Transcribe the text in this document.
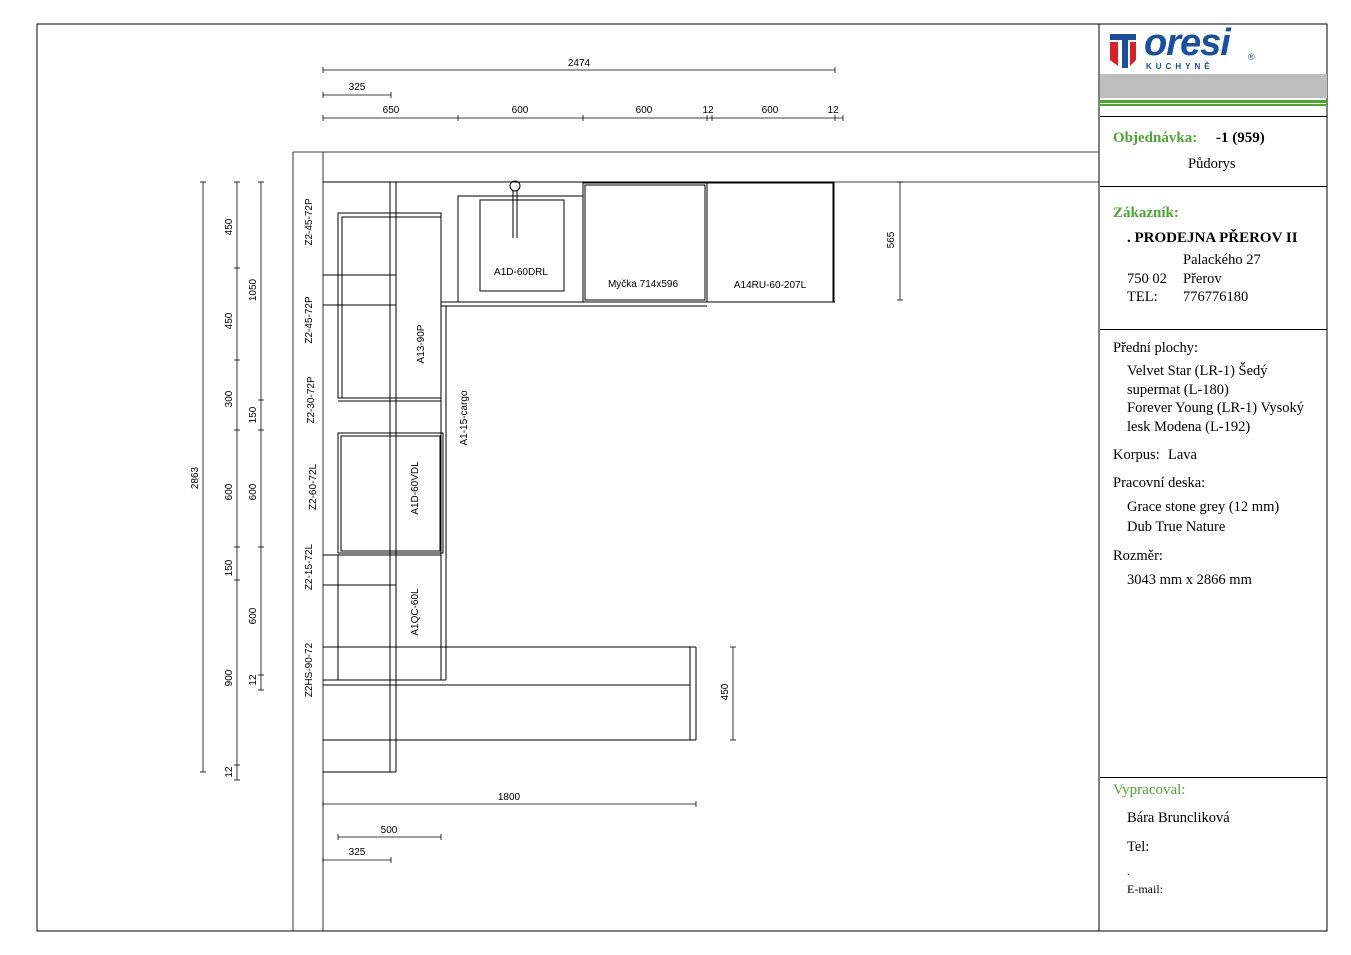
2474
325
650	600	600	12	600	12
2863
450
450
300
600
150
900
12
1050
150
600
600
12
565
450
1800
500
325
A1D-60DRL
Myčka 714x596	A14RU-60-207L
Z2-45-72P
Z2-45-72P
Z2-30-72P
Z2-60-72L
Z2-15-72L
Z2HS-90-72
A13-90P
A1D-60VDL
A1QC-60L
A1-15-cargo
oresi ®
KUCHYNĚ
Objednávka: -1 (959)
Půdorys
Zákazník:
. PRODEJNA PŘEROV II
Palackého 27
750 02 Přerov
TEL: 776776180
Přední plochy:
Velvet Star (LR-1) Šedý
supermat (L-180)
Forever Young (LR-1) Vysoký
lesk Modena (L-192)
Korpus: Lava
Pracovní deska:
Grace stone grey (12 mm)
Dub True Nature
Rozměr:
3043 mm x 2866 mm
Vypracoval:
Bára Bruncliková
Tel:
.
E-mail:
